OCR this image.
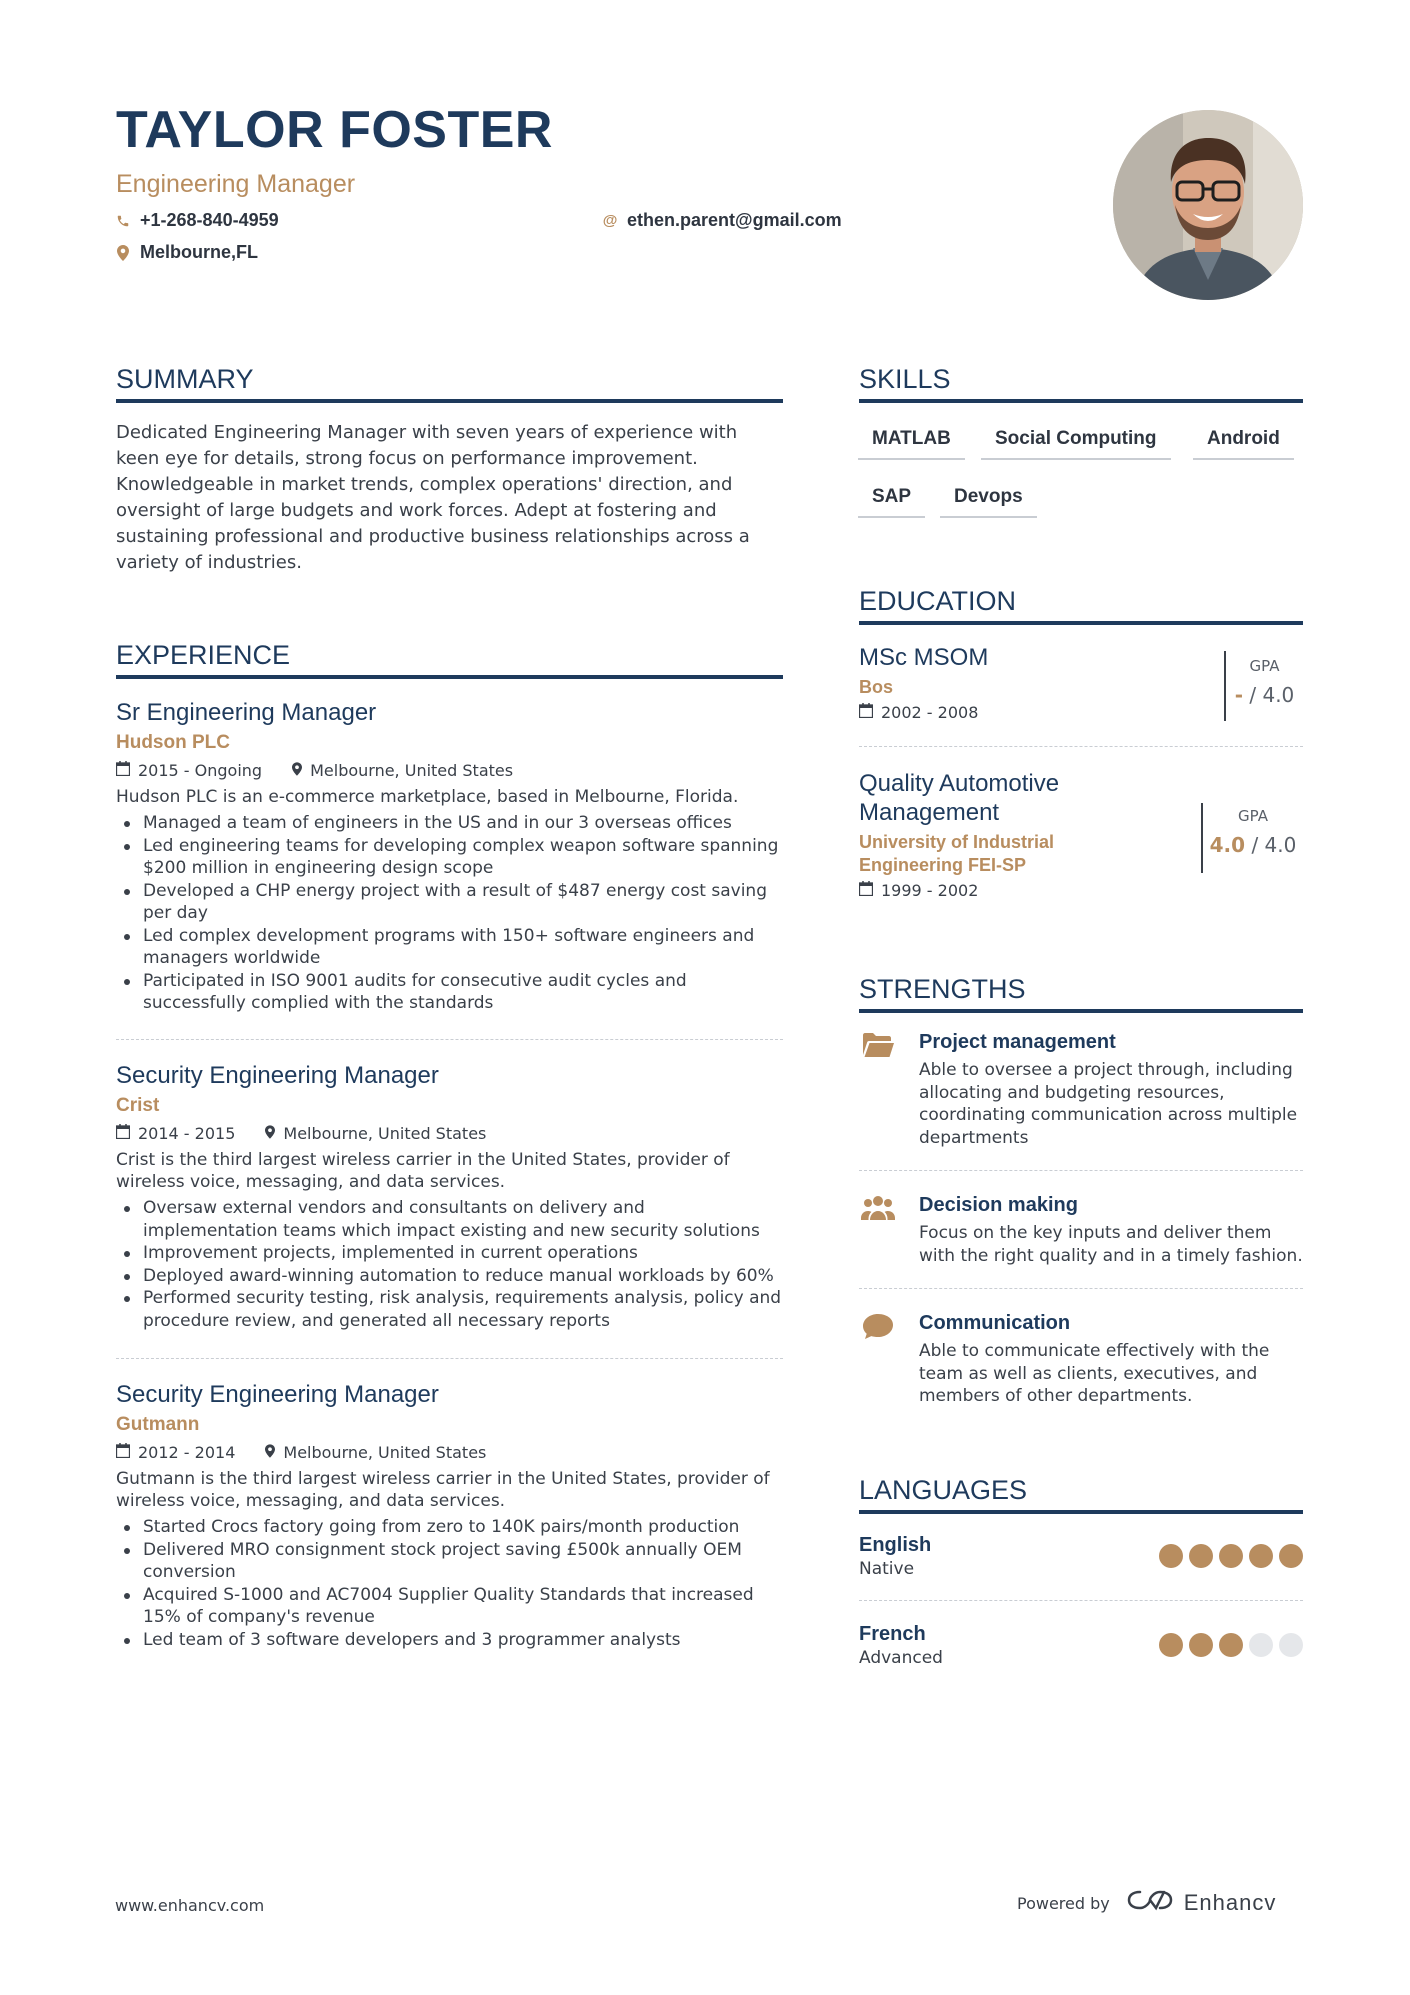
TAYLOR FOSTER
Engineering Manager
+1-268-840-4959	@ ethen.parent@gmail.com
Melbourne,FL
SUMMARY
Dedicated Engineering Manager with seven years of experience with keen eye for details, strong focus on performance improvement. Knowledgeable in market trends, complex operations' direction, and oversight of large budgets and work forces. Adept at fostering and sustaining professional and productive business relationships across a variety of industries.
EXPERIENCE
Sr Engineering Manager
Hudson PLC
2015 - Ongoing	Melbourne, United States
Hudson PLC is an e-commerce marketplace, based in Melbourne, Florida.
Managed a team of engineers in the US and in our 3 overseas offices
Led engineering teams for developing complex weapon software spanning $200 million in engineering design scope
Developed a CHP energy project with a result of $487 energy cost saving per day
Led complex development programs with 150+ software engineers and managers worldwide
Participated in ISO 9001 audits for consecutive audit cycles and successfully complied with the standards
Security Engineering Manager
Crist
2014 - 2015	Melbourne, United States
Crist is the third largest wireless carrier in the United States, provider of wireless voice, messaging, and data services.
Oversaw external vendors and consultants on delivery and implementation teams which impact existing and new security solutions
Improvement projects, implemented in current operations
Deployed award-winning automation to reduce manual workloads by 60%
Performed security testing, risk analysis, requirements analysis, policy and procedure review, and generated all necessary reports
Security Engineering Manager
Gutmann
2012 - 2014	Melbourne, United States
Gutmann is the third largest wireless carrier in the United States, provider of wireless voice, messaging, and data services.
Started Crocs factory going from zero to 140K pairs/month production
Delivered MRO consignment stock project saving £500k annually OEM conversion
Acquired S-1000 and AC7004 Supplier Quality Standards that increased 15% of company's revenue
Led team of 3 software developers and 3 programmer analysts
SKILLS
MATLAB	Social Computing	Android
SAP	Devops
EDUCATION
MSc MSOM
Bos
2002 - 2008
GPA
- / 4.0
Quality Automotive Management
University of Industrial Engineering FEI-SP
1999 - 2002
GPA
4.0 / 4.0
STRENGTHS
Project management
Able to oversee a project through, including allocating and budgeting resources, coordinating communication across multiple departments
Decision making
Focus on the key inputs and deliver them with the right quality and in a timely fashion.
Communication
Able to communicate effectively with the team as well as clients, executives, and members of other departments.
LANGUAGES
English
Native
French
Advanced
www.enhancv.com	Powered by	Enhancv
